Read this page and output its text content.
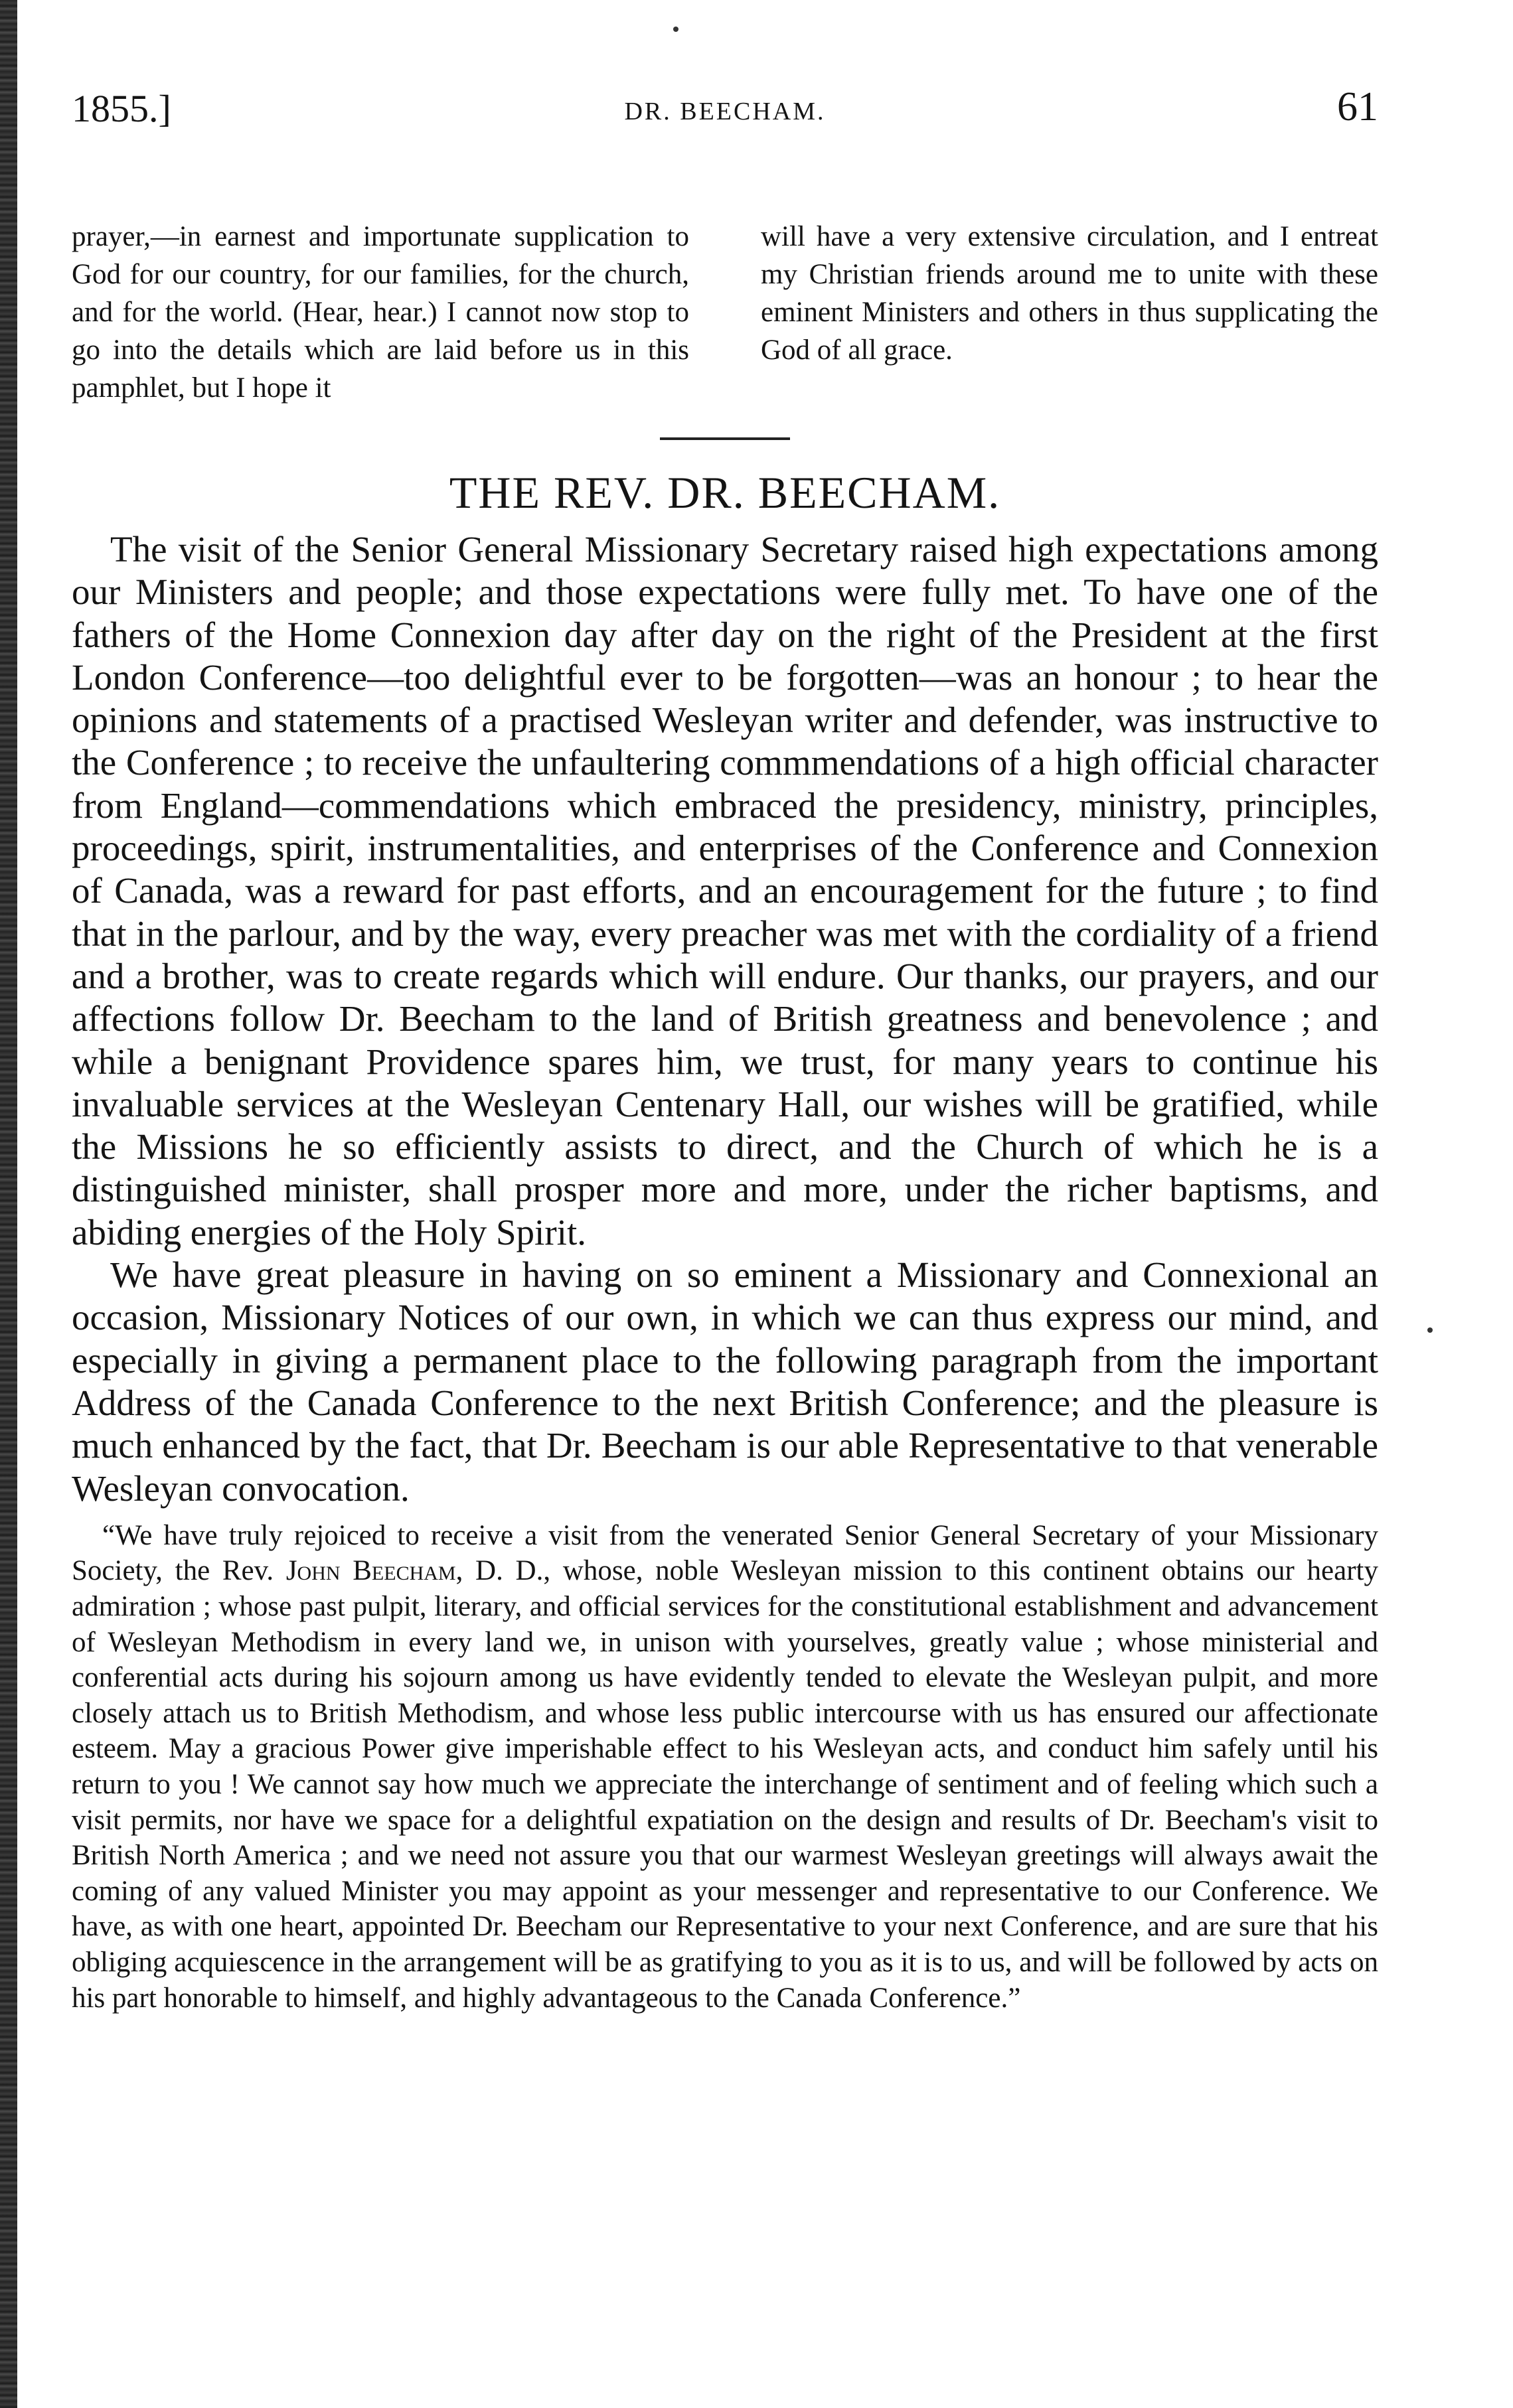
1855.]	DR. BEECHAM.	61

prayer,—in earnest and importunate supplication to God for our country, for our families, for the church, and for the world. (Hear, hear.) I cannot now stop to go into the details which are laid before us in this pamphlet, but I hope it

will have a very extensive circulation, and I entreat my Christian friends around me to unite with these eminent Ministers and others in thus supplicating the God of all grace.

THE REV. DR. BEECHAM.

The visit of the Senior General Missionary Secretary raised high expectations among our Ministers and people; and those expectations were fully met. To have one of the fathers of the Home Connexion day after day on the right of the President at the first London Conference—too delightful ever to be forgotten—was an honour ; to hear the opinions and statements of a practised Wesleyan writer and defender, was instructive to the Conference ; to receive the unfaultering commmendations of a high official character from England—commendations which embraced the presidency, ministry, principles, proceedings, spirit, instrumentalities, and enterprises of the Conference and Connexion of Canada, was a reward for past efforts, and an encouragement for the future ; to find that in the parlour, and by the way, every preacher was met with the cordiality of a friend and a brother, was to create regards which will endure. Our thanks, our prayers, and our affections follow Dr. Beecham to the land of British greatness and benevolence ; and while a benignant Providence spares him, we trust, for many years to continue his invaluable services at the Wesleyan Centenary Hall, our wishes will be gratified, while the Missions he so efficiently assists to direct, and the Church of which he is a distinguished minister, shall prosper more and more, under the richer baptisms, and abiding energies of the Holy Spirit.

We have great pleasure in having on so eminent a Missionary and Connexional an occasion, Missionary Notices of our own, in which we can thus express our mind, and especially in giving a permanent place to the following paragraph from the important Address of the Canada Conference to the next British Conference; and the pleasure is much enhanced by the fact, that Dr. Beecham is our able Representative to that venerable Wesleyan convocation.

“We have truly rejoiced to receive a visit from the venerated Senior General Secretary of your Missionary Society, the Rev. John Beecham, D. D., whose, noble Wesleyan mission to this continent obtains our hearty admiration ; whose past pulpit, literary, and official services for the constitutional establishment and advancement of Wesleyan Methodism in every land we, in unison with yourselves, greatly value ; whose ministerial and conferential acts during his sojourn among us have evidently tended to elevate the Wesleyan pulpit, and more closely attach us to British Methodism, and whose less public intercourse with us has ensured our affectionate esteem. May a gracious Power give imperishable effect to his Wesleyan acts, and conduct him safely until his return to you ! We cannot say how much we appreciate the interchange of sentiment and of feeling which such a visit permits, nor have we space for a delightful expatiation on the design and results of Dr. Beecham's visit to British North America ; and we need not assure you that our warmest Wesleyan greetings will always await the coming of any valued Minister you may appoint as your messenger and representative to our Conference. We have, as with one heart, appointed Dr. Beecham our Representative to your next Conference, and are sure that his obliging acquiescence in the arrangement will be as gratifying to you as it is to us, and will be followed by acts on his part honorable to himself, and highly advantageous to the Canada Conference.”
